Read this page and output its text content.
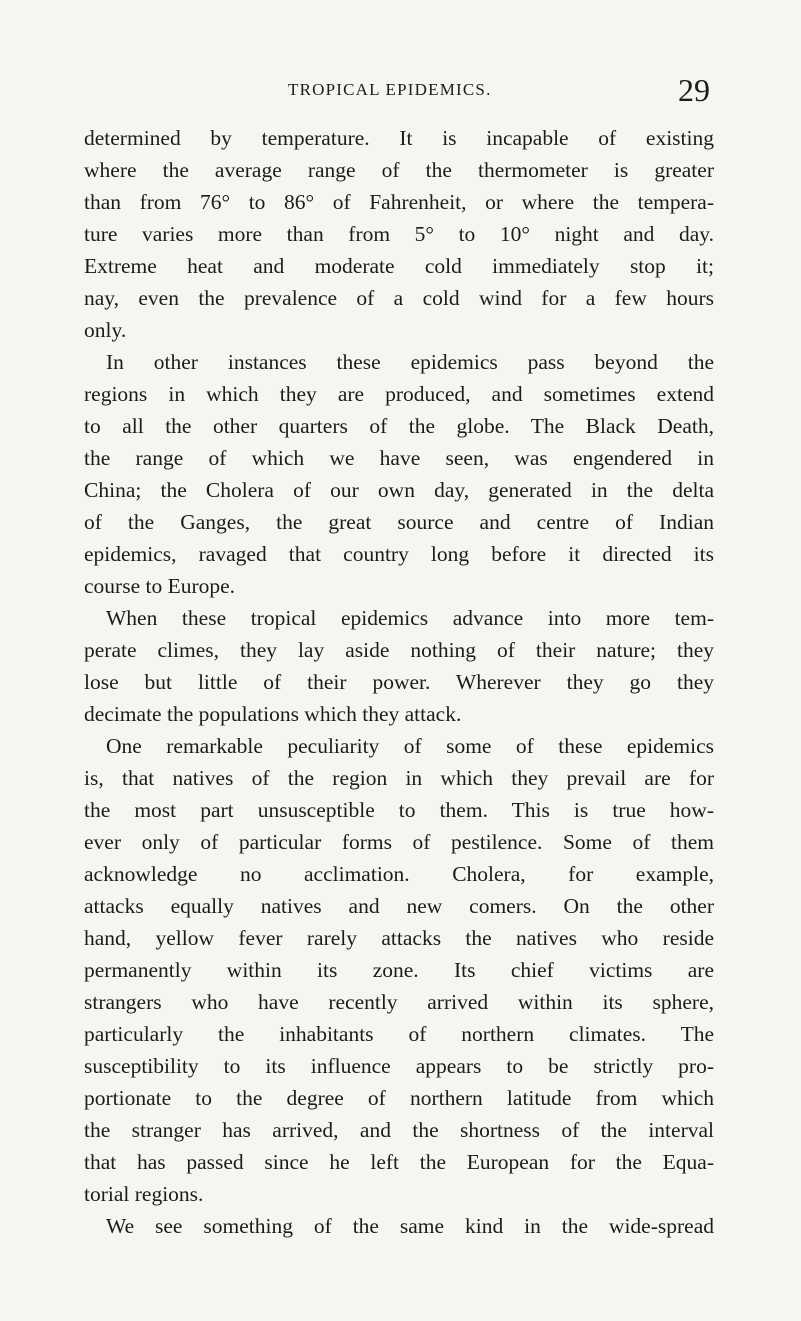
TROPICAL EPIDEMICS.	29
determined by temperature. It is incapable of existing
where the average range of the thermometer is greater
than from 76° to 86° of Fahrenheit, or where the tempera-
ture varies more than from 5° to 10° night and day.
Extreme heat and moderate cold immediately stop it;
nay, even the prevalence of a cold wind for a few hours
only.
In other instances these epidemics pass beyond the
regions in which they are produced, and sometimes extend
to all the other quarters of the globe. The Black Death,
the range of which we have seen, was engendered in
China; the Cholera of our own day, generated in the delta
of the Ganges, the great source and centre of Indian
epidemics, ravaged that country long before it directed its
course to Europe.
When these tropical epidemics advance into more tem-
perate climes, they lay aside nothing of their nature; they
lose but little of their power. Wherever they go they
decimate the populations which they attack.
One remarkable peculiarity of some of these epidemics
is, that natives of the region in which they prevail are for
the most part unsusceptible to them. This is true how-
ever only of particular forms of pestilence. Some of them
acknowledge no acclimation. Cholera, for example,
attacks equally natives and new comers. On the other
hand, yellow fever rarely attacks the natives who reside
permanently within its zone. Its chief victims are
strangers who have recently arrived within its sphere,
particularly the inhabitants of northern climates. The
susceptibility to its influence appears to be strictly pro-
portionate to the degree of northern latitude from which
the stranger has arrived, and the shortness of the interval
that has passed since he left the European for the Equa-
torial regions.
We see something of the same kind in the wide-spread
